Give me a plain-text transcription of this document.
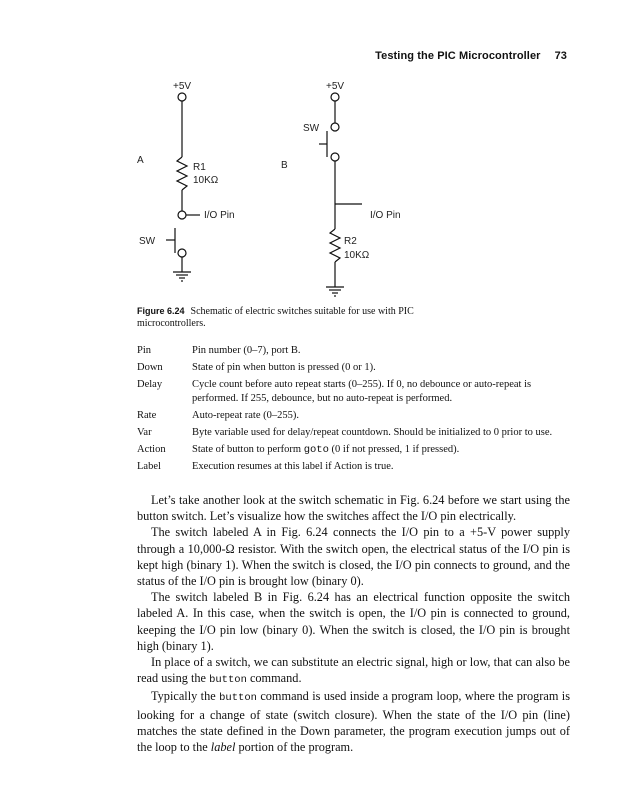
Testing the PIC Microcontroller 73
+5V
A
R1
10KΩ
I/O Pin
SW
+5V
SW
B
I/O Pin
R2
10KΩ
Figure 6.24 Schematic of electric switches suitable for use with PIC microcontrollers.
Pin	Pin number (0–7), port B.
Down	State of pin when button is pressed (0 or 1).
Delay	Cycle count before auto repeat starts (0–255). If 0, no debounce or auto-repeat is performed. If 255, debounce, but no auto-repeat is performed.
Rate	Auto-repeat rate (0–255).
Var	Byte variable used for delay/repeat countdown. Should be initialized to 0 prior to use.
Action	State of button to perform goto (0 if not pressed, 1 if pressed).
Label	Execution resumes at this label if Action is true.

Let’s take another look at the switch schematic in Fig. 6.24 before we start using the button switch. Let’s visualize how the switches affect the I/O pin electrically.

The switch labeled A in Fig. 6.24 connects the I/O pin to a +5-V power supply through a 10,000-Ω resistor. With the switch open, the electrical status of the I/O pin is kept high (binary 1). When the switch is closed, the I/O pin connects to ground, and the status of the I/O pin is brought low (binary 0).

The switch labeled B in Fig. 6.24 has an electrical function opposite the switch labeled A. In this case, when the switch is open, the I/O pin is connected to ground, keeping the I/O pin low (binary 0). When the switch is closed, the I/O pin is brought high (binary 1).

In place of a switch, we can substitute an electric signal, high or low, that can also be read using the button command.

Typically the button command is used inside a program loop, where the program is looking for a change of state (switch closure). When the state of the I/O pin (line) matches the state defined in the Down parameter, the program execution jumps out of the loop to the label portion of the program.
